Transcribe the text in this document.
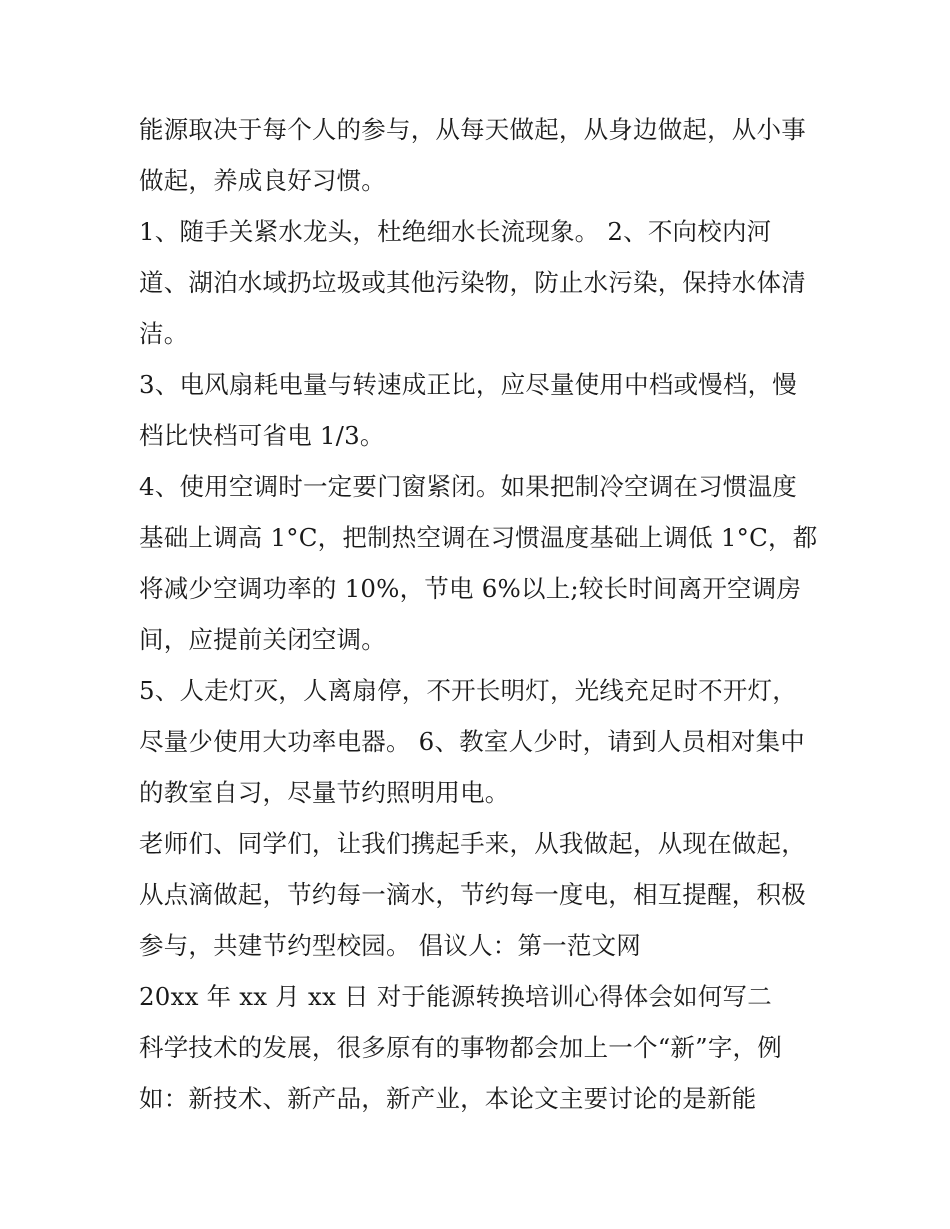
能源取决于每个人的参与，从每天做起，从身边做起，从小事
做起，养成良好习惯。
1、随手关紧水龙头，杜绝细水长流现象。 2、不向校内河
道、湖泊水域扔垃圾或其他污染物，防止水污染，保持水体清
洁。
3、电风扇耗电量与转速成正比，应尽量使用中档或慢档，慢
档比快档可省电 1/3。
4、使用空调时一定要门窗紧闭。如果把制冷空调在习惯温度
基础上调高 1°C，把制热空调在习惯温度基础上调低 1°C，都
将减少空调功率的 10%，节电 6%以上;较长时间离开空调房
间，应提前关闭空调。
5、人走灯灭，人离扇停，不开长明灯，光线充足时不开灯，
尽量少使用大功率电器。 6、教室人少时，请到人员相对集中
的教室自习，尽量节约照明用电。
老师们、同学们，让我们携起手来，从我做起，从现在做起，
从点滴做起，节约每一滴水，节约每一度电，相互提醒，积极
参与，共建节约型校园。 倡议人：第一范文网
20xx 年 xx 月 xx 日 对于能源转换培训心得体会如何写二
科学技术的发展，很多原有的事物都会加上一个“新”字，例
如：新技术、新产品，新产业，本论文主要讨论的是新能
